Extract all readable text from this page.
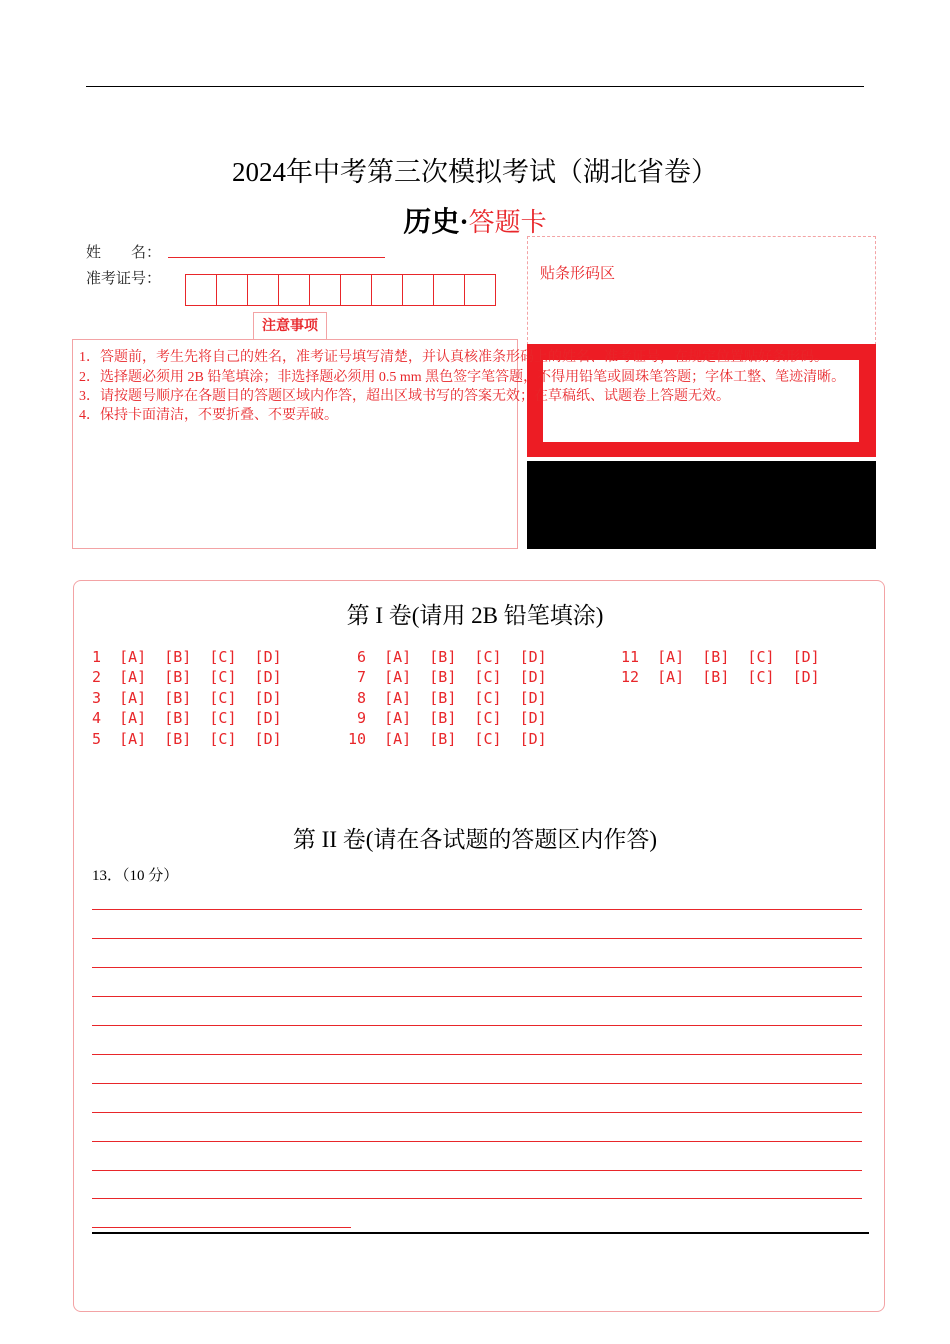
2024年中考第三次模拟考试（湖北省卷）
历史·答题卡
姓　　名：
准考证号：	贴条形码区
注意事项
1．答题前，考生先将自己的姓名，准考证号填写清楚，并认真核准条形码上的姓名、准考证号，在规定位置贴好条形码。
2．选择题必须用 2B 铅笔填涂；非选择题必须用 0.5 mm 黑色签字笔答题，不得用铅笔或圆珠笔答题；字体工整、笔迹清晰。
3．请按题号顺序在各题目的答题区域内作答，超出区域书写的答案无效；在草稿纸、试题卷上答题无效。
4．保持卡面清洁，不要折叠、不要弄破。
第 I 卷(请用 2B 铅笔填涂)
1  [A]  [B]  [C]  [D]
2  [A]  [B]  [C]  [D]
3  [A]  [B]  [C]  [D]
4  [A]  [B]  [C]  [D]
5  [A]  [B]  [C]  [D]
6  [A]  [B]  [C]  [D]
7  [A]  [B]  [C]  [D]
8  [A]  [B]  [C]  [D]
9  [A]  [B]  [C]  [D]
10  [A]  [B]  [C]  [D]
11  [A]  [B]  [C]  [D]
12  [A]  [B]  [C]  [D]
第 II 卷(请在各试题的答题区内作答)
13．（10 分）
